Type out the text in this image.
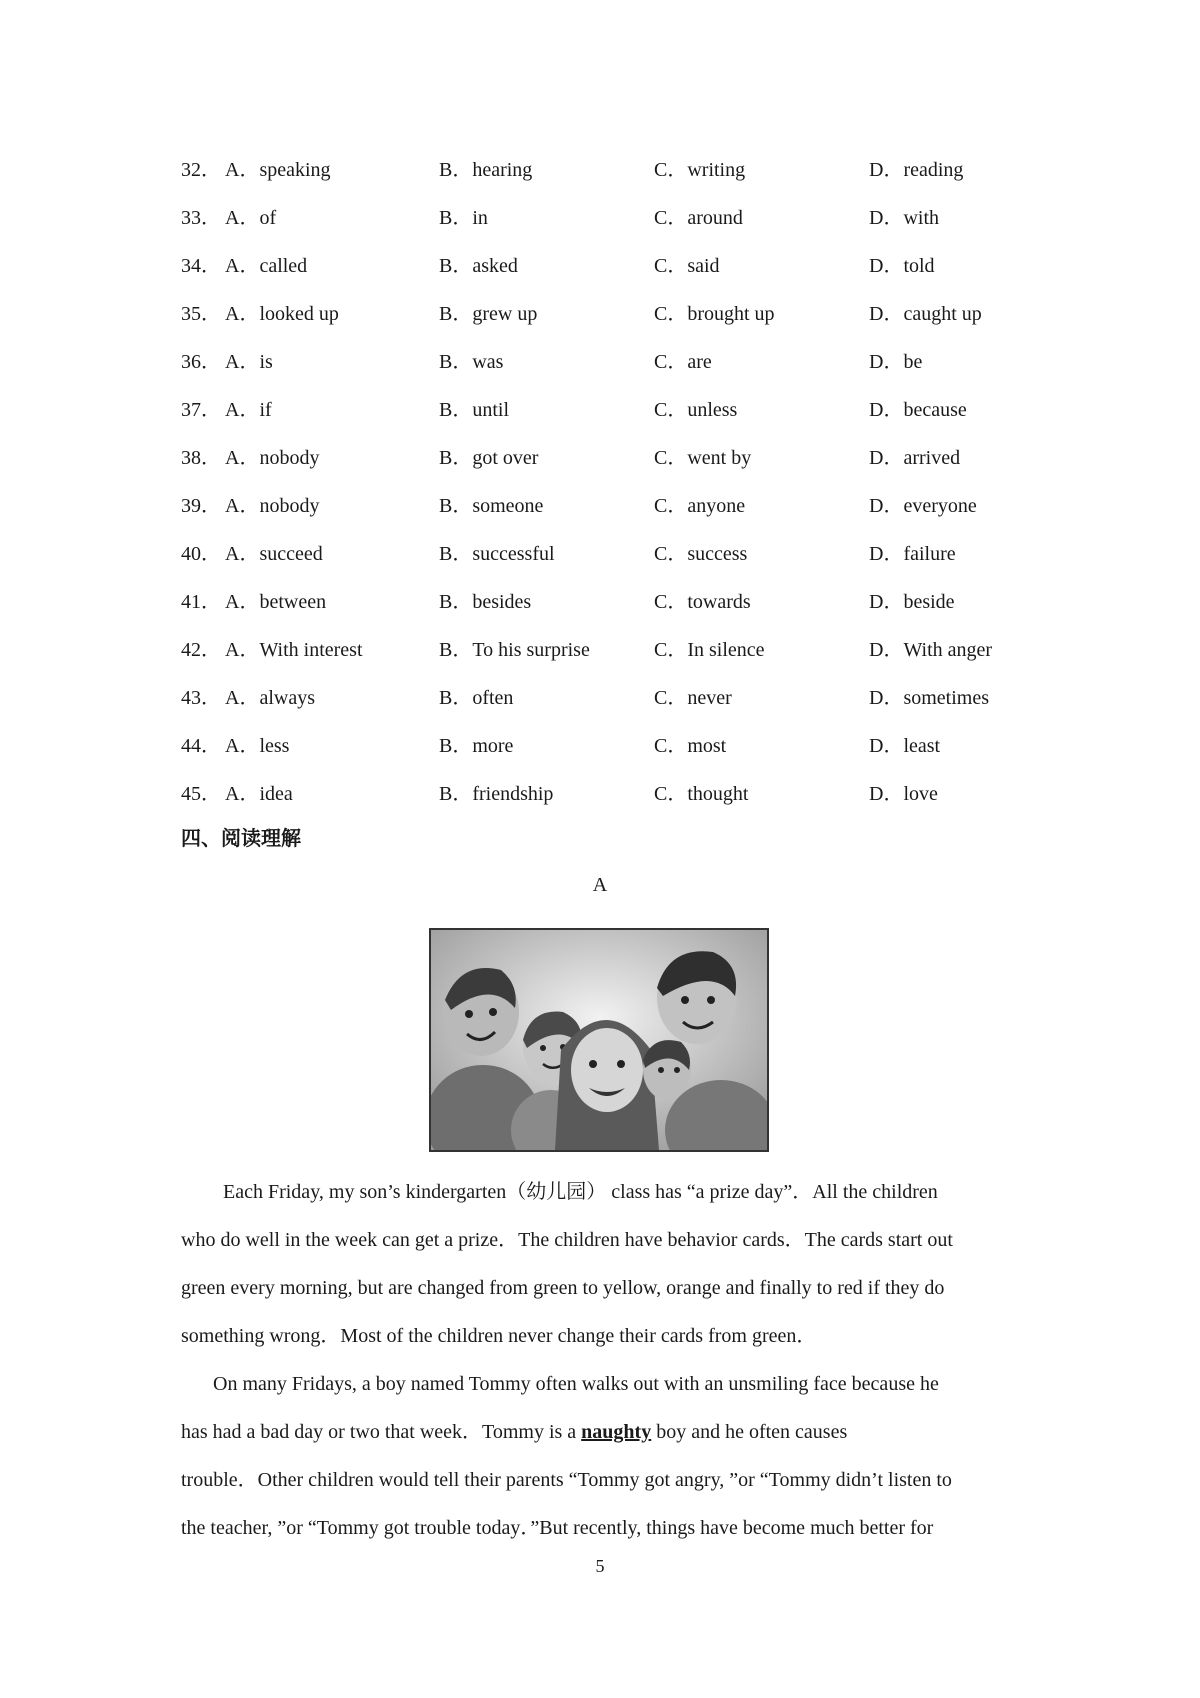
32． A．speaking	B．hearing	C．writing	D．reading
33． A．of	B．in	C．around	D．with
34． A．called	B．asked	C．said	D．told
35． A．looked up	B．grew up	C．brought up	D．caught up
36． A．is	B．was	C．are	D．be
37． A．if	B．until	C．unless	D．because
38． A．nobody	B．got over	C．went by	D．arrived
39． A．nobody	B．someone	C．anyone	D．everyone
40． A．succeed	B．successful	C．success	D．failure
41． A．between	B．besides	C．towards	D．beside
42． A．With interest	B．To his surprise	C．In silence	D．With anger
43． A．always	B．often	C．never	D．sometimes
44． A．less	B．more	C．most	D．least
45． A．idea	B．friendship	C．thought	D．love
四、阅读理解
A
Each Friday, my son’s kindergarten（幼儿园） class has “a prize day”．All the children
who do well in the week can get a prize．The children have behavior cards．The cards start out
green every morning, but are changed from green to yellow, orange and finally to red if they do
something wrong．Most of the children never change their cards from green．
On many Fridays, a boy named Tommy often walks out with an unsmiling face because he
has had a bad day or two that week．Tommy is a naughty boy and he often causes
trouble．Other children would tell their parents “Tommy got angry, ”or “Tommy didn’t listen to
the teacher, ”or “Tommy got trouble today．”But recently, things have become much better for
5
